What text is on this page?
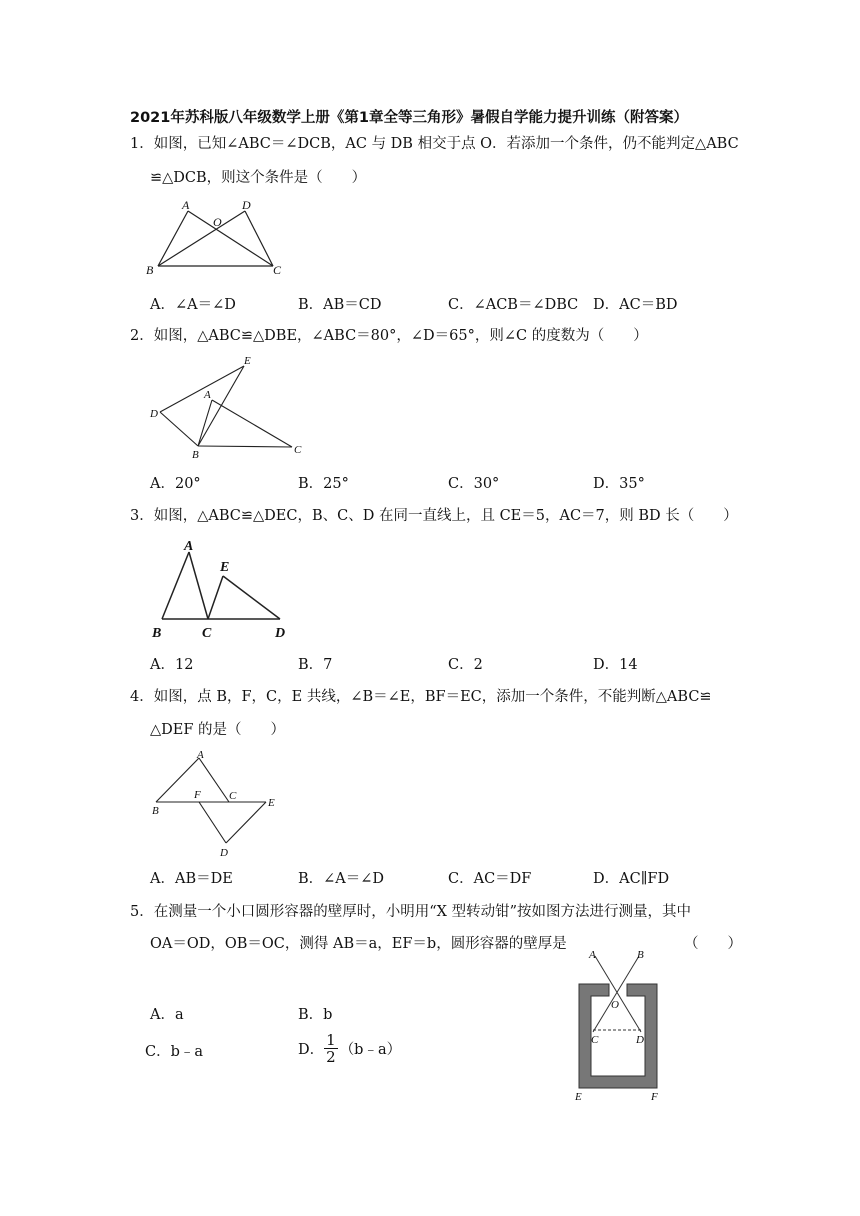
2021年苏科版八年级数学上册《第1章全等三角形》暑假自学能力提升训练（附答案）
1．如图，已知∠ABC＝∠DCB，AC 与 DB 相交于点 O．若添加一个条件，仍不能判定△ABC
≌△DCB，则这个条件是（　　）
A
O
D
B	C
A．∠A＝∠D	B．AB＝CD	C．∠ACB＝∠DBC D．AC＝BD
2．如图，△ABC≌△DBE，∠ABC＝80°，∠D＝65°，则∠C 的度数为（　　）
E
A
D
B	C
A．20°	B．25°	C．30°	D．35°
3．如图，△ABC≌△DEC，B、C、D 在同一直线上，且 CE＝5，AC＝7，则 BD 长（　　）
A
E
B	C	D
A．12	B．7	C．2	D．14
4．如图，点 B，F，C，E 共线，∠B＝∠E，BF＝EC，添加一个条件，不能判断△ABC≌
△DEF 的是（　　）
A
F	C
B
E
D
A．AB＝DE	B．∠A＝∠D	C．AC＝DF	D．AC∥FD
5．在测量一个小口圆形容器的壁厚时，小明用“X 型转动钳”按如图方法进行测量，其中
OA＝OD，OB＝OC，测得 AB＝a，EF＝b，圆形容器的壁厚是	（　　）
A．a	B．b
C．b﹣a	D． $\frac{1}{2}$ （b﹣a）
A	B
O
C	D
E	F
